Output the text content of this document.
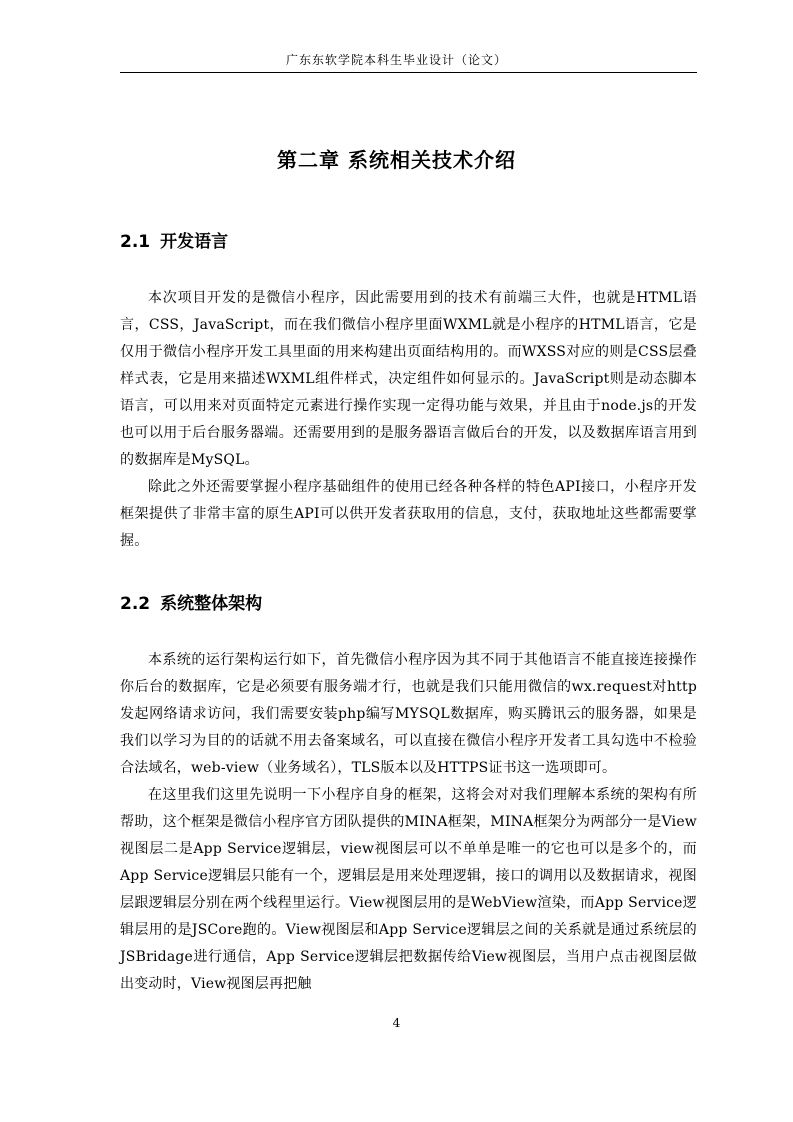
广东东软学院本科生毕业设计（论文）
第二章 系统相关技术介绍
2.1 开发语言

本次项目开发的是微信小程序，因此需要用到的技术有前端三大件，也就是HTML语言，CSS，JavaScript，而在我们微信小程序里面WXML就是小程序的HTML语言，它是仅用于微信小程序开发工具里面的用来构建出页面结构用的。而WXSS对应的则是CSS层叠样式表，它是用来描述WXML组件样式，决定组件如何显示的。JavaScript则是动态脚本语言，可以用来对页面特定元素进行操作实现一定得功能与效果，并且由于node.js的开发也可以用于后台服务器端。还需要用到的是服务器语言做后台的开发，以及数据库语言用到的数据库是MySQL。

除此之外还需要掌握小程序基础组件的使用已经各种各样的特色API接口，小程序开发框架提供了非常丰富的原生API可以供开发者获取用的信息，支付，获取地址这些都需要掌握。

2.2 系统整体架构

本系统的运行架构运行如下，首先微信小程序因为其不同于其他语言不能直接连接操作你后台的数据库，它是必须要有服务端才行，也就是我们只能用微信的wx.request对http发起网络请求访问，我们需要安装php编写MYSQL数据库，购买腾讯云的服务器，如果是我们以学习为目的的话就不用去备案域名，可以直接在微信小程序开发者工具勾选中不检验合法域名，web-view（业务域名），TLS版本以及HTTPS证书这一选项即可。

在这里我们这里先说明一下小程序自身的框架，这将会对对我们理解本系统的架构有所帮助，这个框架是微信小程序官方团队提供的MINA框架，MINA框架分为两部分一是View视图层二是App Service逻辑层，view视图层可以不单单是唯一的它也可以是多个的，而App Service逻辑层只能有一个，逻辑层是用来处理逻辑，接口的调用以及数据请求，视图层跟逻辑层分别在两个线程里运行。View视图层用的是WebView渲染，而App Service逻辑层用的是JSCore跑的。View视图层和App Service逻辑层之间的关系就是通过系统层的JSBridage进行通信，App Service逻辑层把数据传给View视图层，当用户点击视图层做出变动时，View视图层再把触

4
